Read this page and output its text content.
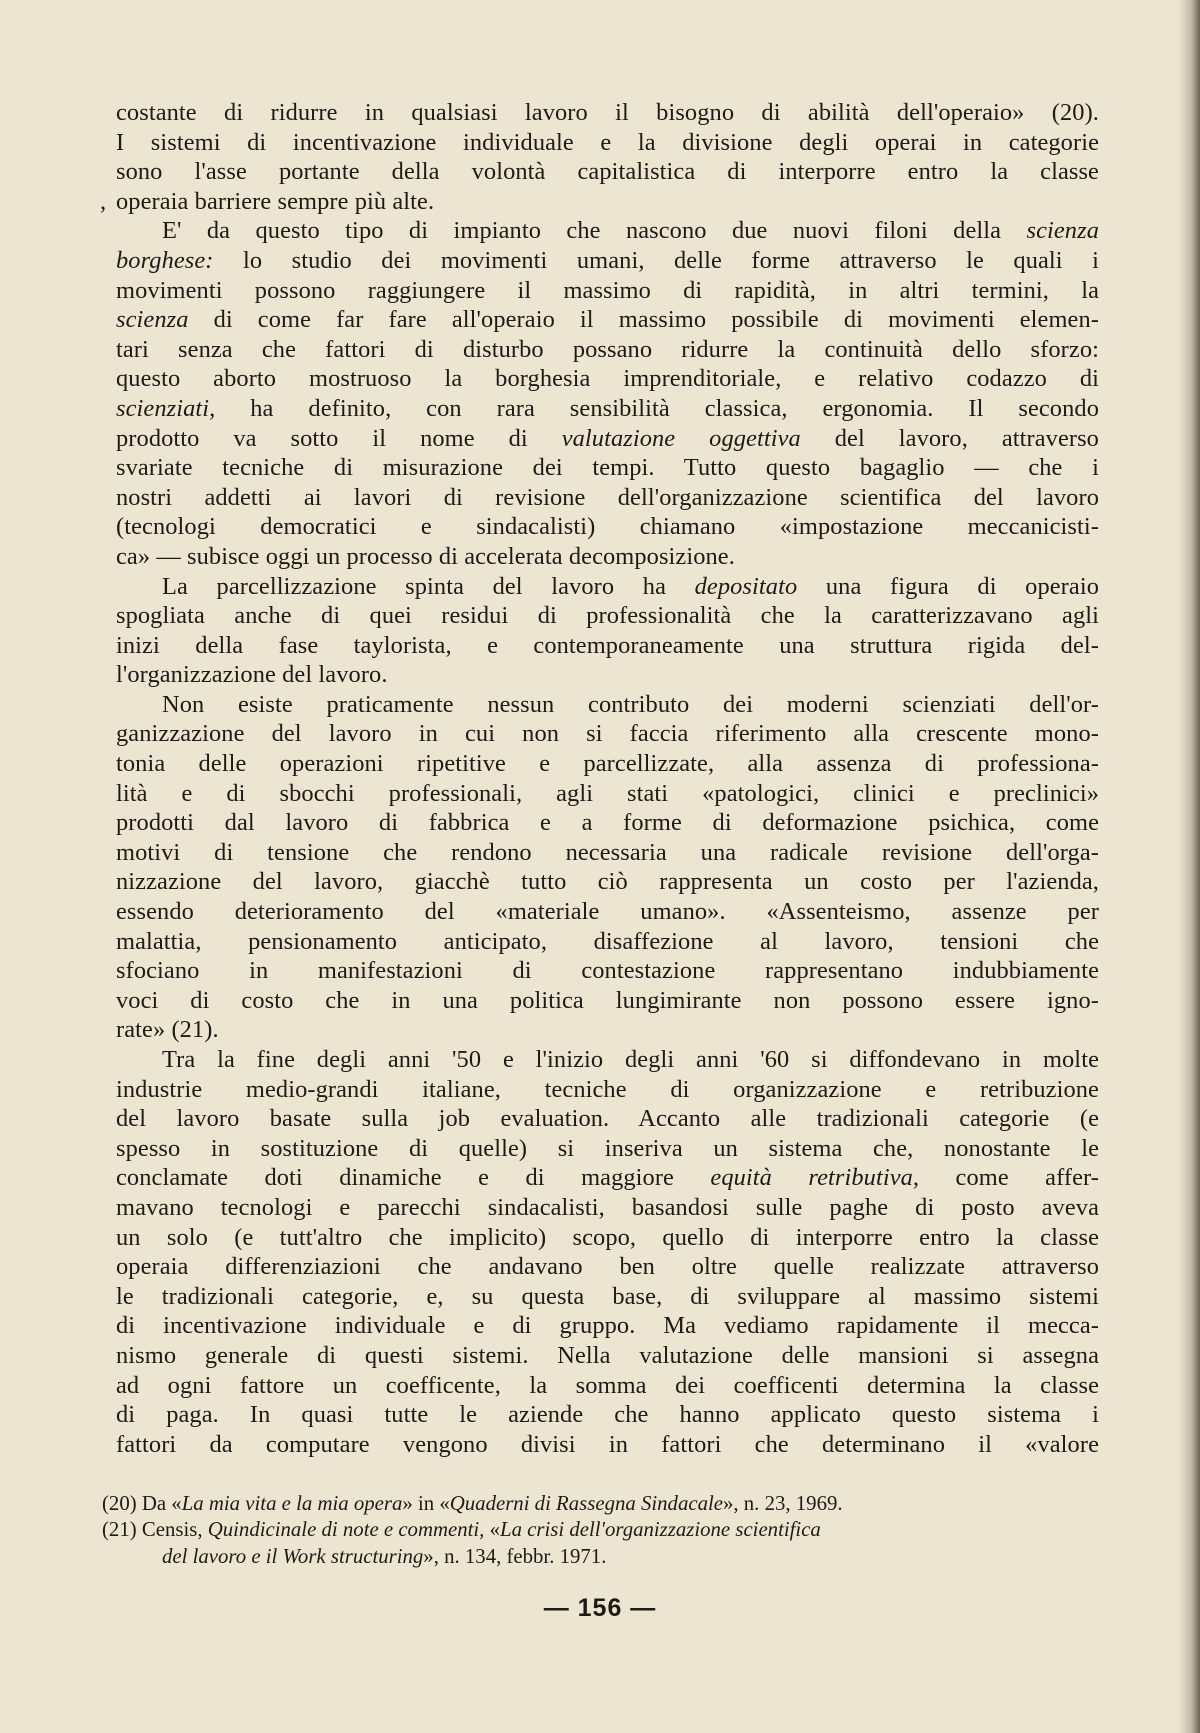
costante di ridurre in qualsiasi lavoro il bisogno di abilità dell'operaio» (20).
I sistemi di incentivazione individuale e la divisione degli operai in categorie
sono l'asse portante della volontà capitalistica di interporre entro la classe
, operaia barriere sempre più alte.
E' da questo tipo di impianto che nascono due nuovi filoni della scienza
borghese: lo studio dei movimenti umani, delle forme attraverso le quali i
movimenti possono raggiungere il massimo di rapidità, in altri termini, la
scienza di come far fare all'operaio il massimo possibile di movimenti elemen-
tari senza che fattori di disturbo possano ridurre la continuità dello sforzo:
questo aborto mostruoso la borghesia imprenditoriale, e relativo codazzo di
scienziati, ha definito, con rara sensibilità classica, ergonomia. Il secondo
prodotto va sotto il nome di valutazione oggettiva del lavoro, attraverso
svariate tecniche di misurazione dei tempi. Tutto questo bagaglio — che i
nostri addetti ai lavori di revisione dell'organizzazione scientifica del lavoro
(tecnologi democratici e sindacalisti) chiamano «impostazione meccanicisti-
ca» — subisce oggi un processo di accelerata decomposizione.
La parcellizzazione spinta del lavoro ha depositato una figura di operaio
spogliata anche di quei residui di professionalità che la caratterizzavano agli
inizi della fase taylorista, e contemporaneamente una struttura rigida del-
l'organizzazione del lavoro.
Non esiste praticamente nessun contributo dei moderni scienziati dell'or-
ganizzazione del lavoro in cui non si faccia riferimento alla crescente mono-
tonia delle operazioni ripetitive e parcellizzate, alla assenza di professiona-
lità e di sbocchi professionali, agli stati «patologici, clinici e preclinici»
prodotti dal lavoro di fabbrica e a forme di deformazione psichica, come
motivi di tensione che rendono necessaria una radicale revisione dell'orga-
nizzazione del lavoro, giacchè tutto ciò rappresenta un costo per l'azienda,
essendo deterioramento del «materiale umano». «Assenteismo, assenze per
malattia, pensionamento anticipato, disaffezione al lavoro, tensioni che
sfociano in manifestazioni di contestazione rappresentano indubbiamente
voci di costo che in una politica lungimirante non possono essere igno-
rate» (21).
Tra la fine degli anni '50 e l'inizio degli anni '60 si diffondevano in molte
industrie medio-grandi italiane, tecniche di organizzazione e retribuzione
del lavoro basate sulla job evaluation. Accanto alle tradizionali categorie (e
spesso in sostituzione di quelle) si inseriva un sistema che, nonostante le
conclamate doti dinamiche e di maggiore equità retributiva, come affer-
mavano tecnologi e parecchi sindacalisti, basandosi sulle paghe di posto aveva
un solo (e tutt'altro che implicito) scopo, quello di interporre entro la classe
operaia differenziazioni che andavano ben oltre quelle realizzate attraverso
le tradizionali categorie, e, su questa base, di sviluppare al massimo sistemi
di incentivazione individuale e di gruppo. Ma vediamo rapidamente il mecca-
nismo generale di questi sistemi. Nella valutazione delle mansioni si assegna
ad ogni fattore un coefficente, la somma dei coefficenti determina la classe
di paga. In quasi tutte le aziende che hanno applicato questo sistema i
fattori da computare vengono divisi in fattori che determinano il «valore
(20) Da «La mia vita e la mia opera» in «Quaderni di Rassegna Sindacale», n. 23, 1969.
(21) Censis, Quindicinale di note e commenti, «La crisi dell'organizzazione scientifica
del lavoro e il Work structuring», n. 134, febbr. 1971.
— 156 —
